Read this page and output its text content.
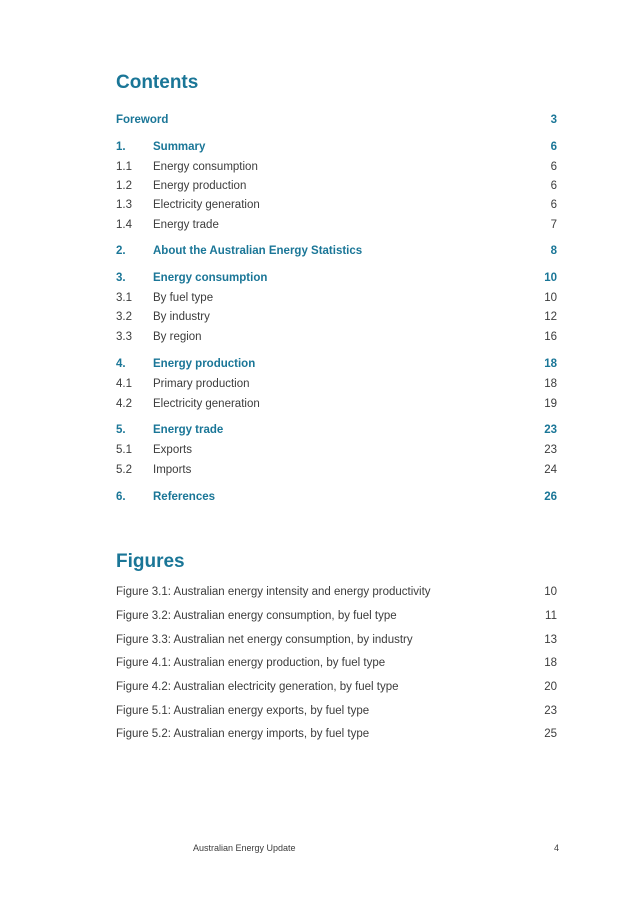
Contents
Foreword	3
1.	Summary	6
1.1	Energy consumption	6
1.2	Energy production	6
1.3	Electricity generation	6
1.4	Energy trade	7
2.	About the Australian Energy Statistics	8
3.	Energy consumption	10
3.1	By fuel type	10
3.2	By industry	12
3.3	By region	16
4.	Energy production	18
4.1	Primary production	18
4.2	Electricity generation	19
5.	Energy trade	23
5.1	Exports	23
5.2	Imports	24
6.	References	26
Figures
Figure 3.1: Australian energy intensity and energy productivity	10
Figure 3.2: Australian energy consumption, by fuel type	11
Figure 3.3: Australian net energy consumption, by industry	13
Figure 4.1: Australian energy production, by fuel type	18
Figure 4.2: Australian electricity generation, by fuel type	20
Figure 5.1: Australian energy exports, by fuel type	23
Figure 5.2: Australian energy imports, by fuel type	25
Australian Energy Update	4
